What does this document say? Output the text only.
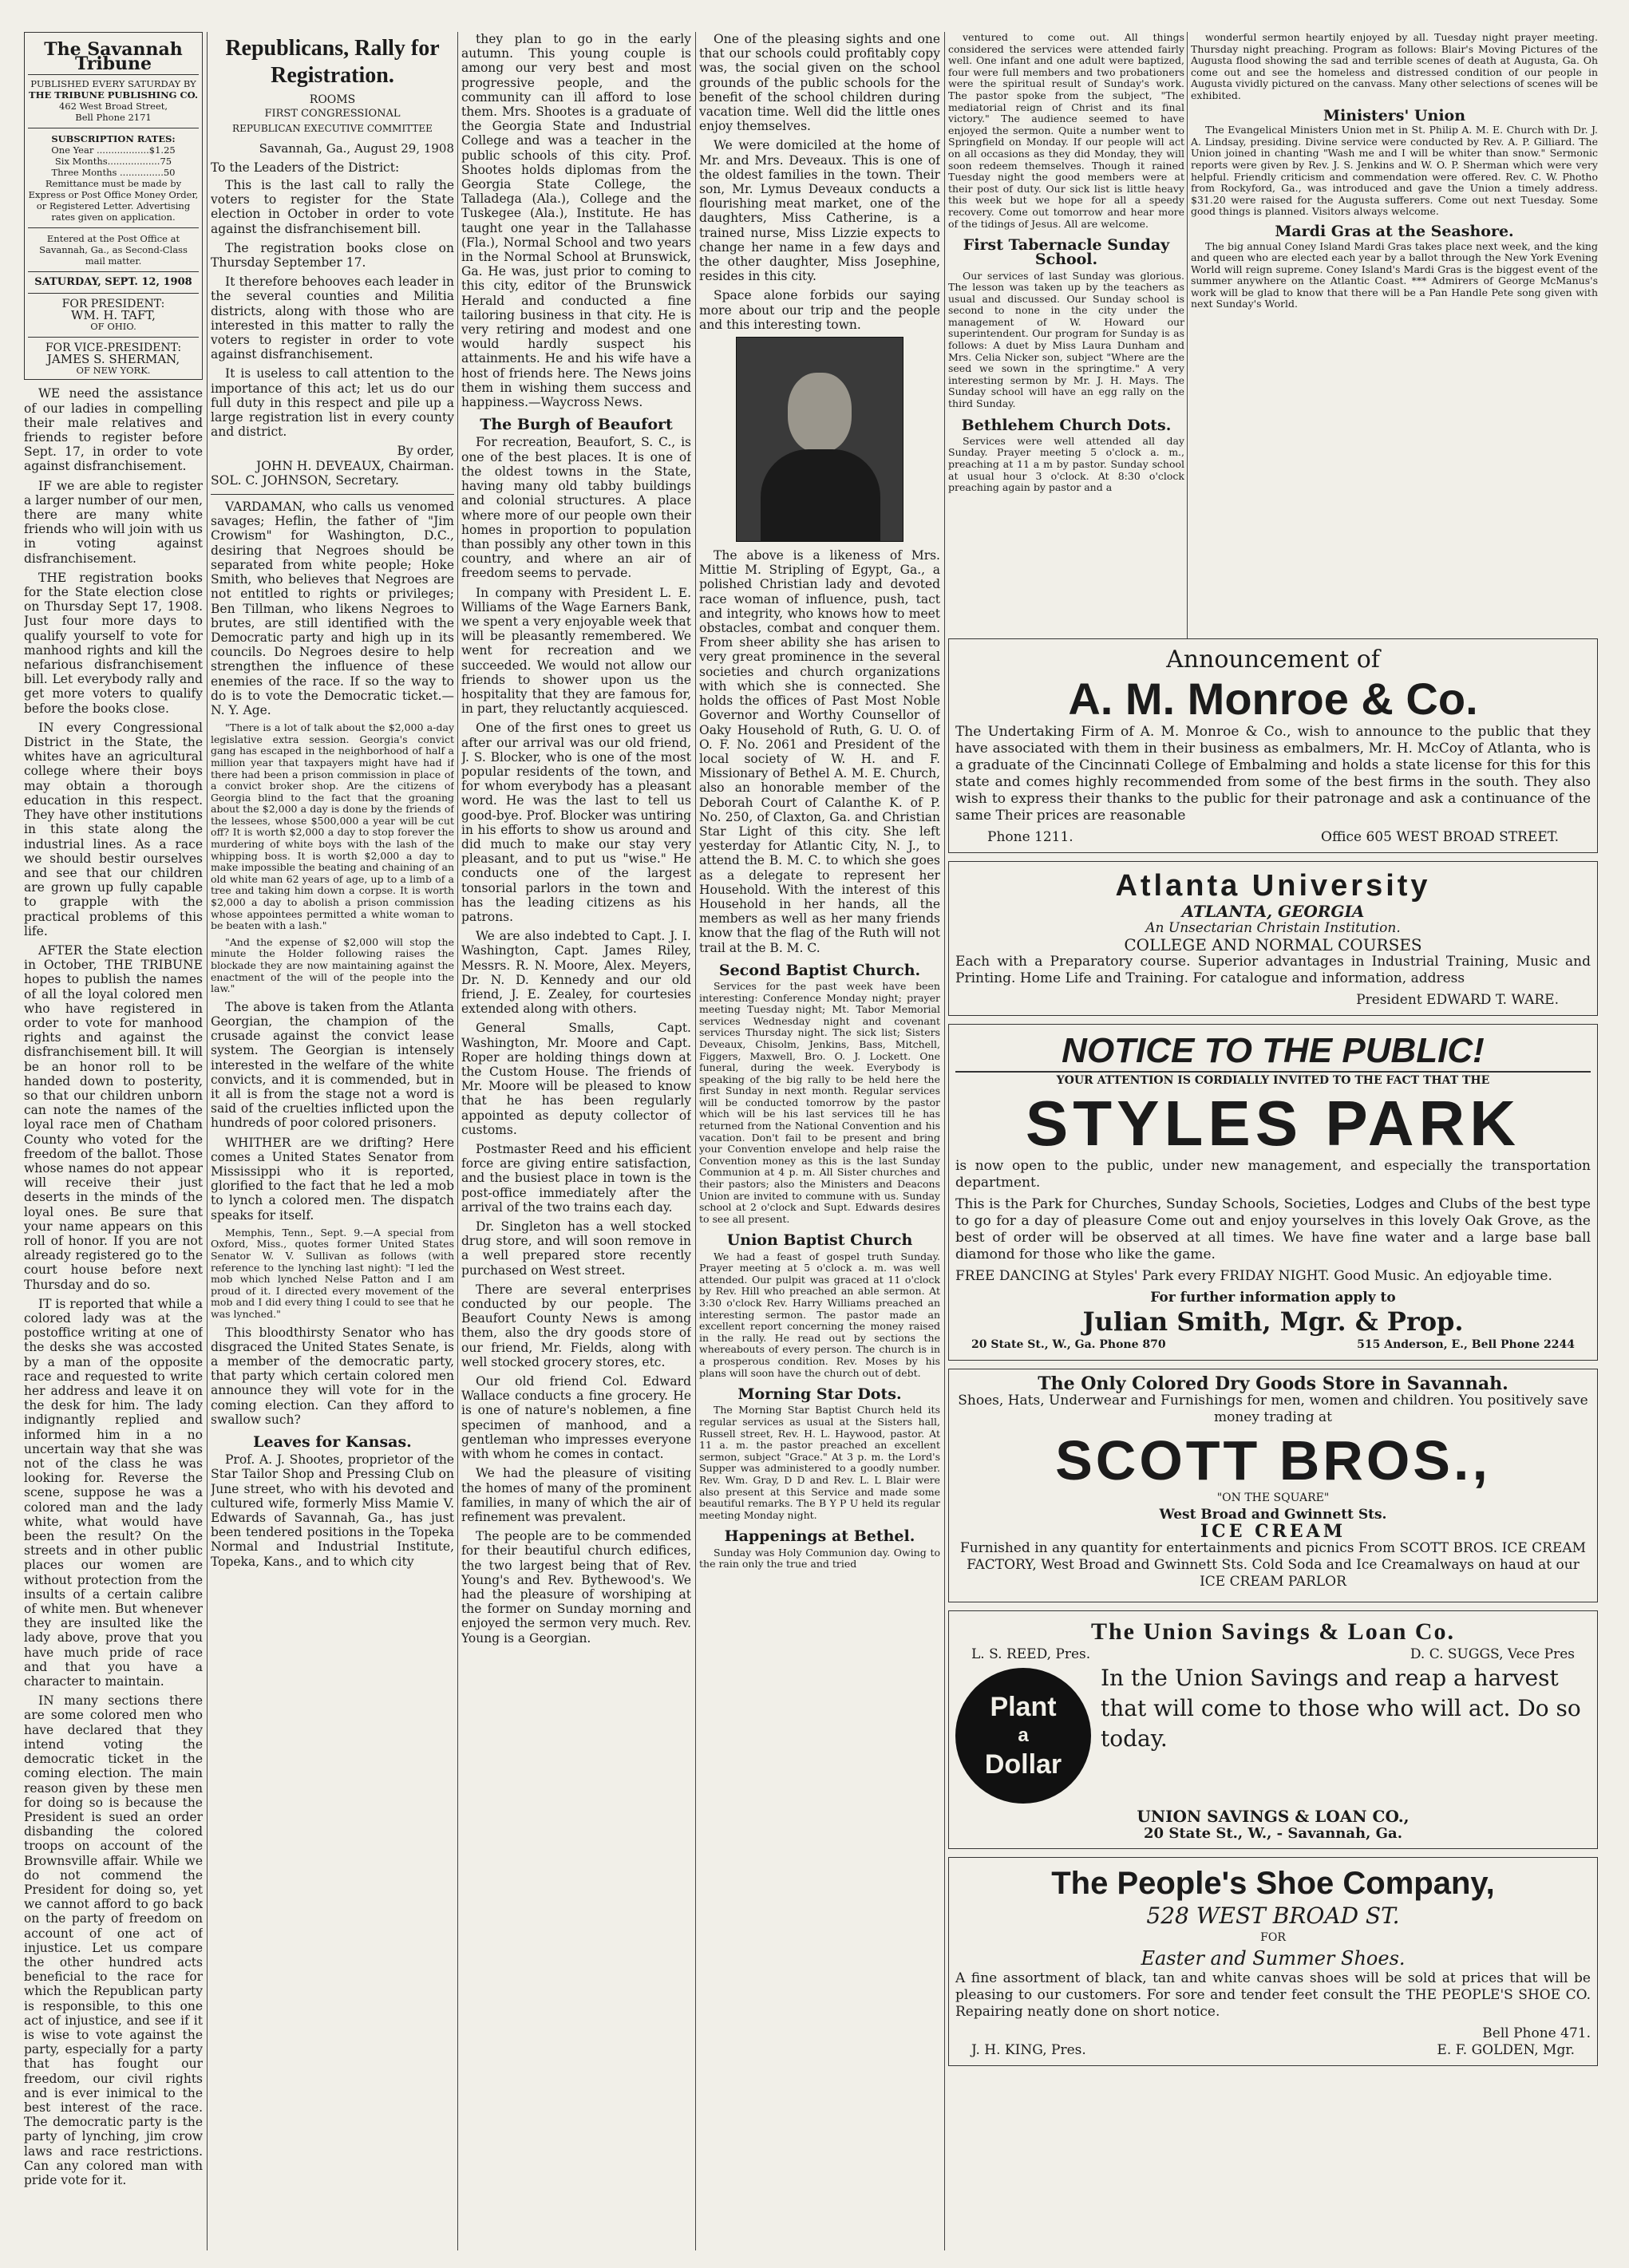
The Savannah Tribune
PUBLISHED EVERY SATURDAY BY
THE TRIBUNE PUBLISHING CO.
462 West Broad Street,
Bell Phone 2171
SUBSCRIPTION RATES:
One Year ..................$1.25
Six Months..................75
Three Months ...............50
Remittance must be made by Express or Post Office Money Order, or Registered Letter. Advertising rates given on application.
Entered at the Post Office at Savannah, Ga., as Second-Class mail matter.
SATURDAY, SEPT. 12, 1908
FOR PRESIDENT:
WM. H. TAFT,
OF OHIO.
FOR VICE-PRESIDENT:
JAMES S. SHERMAN,
OF NEW YORK.

WE need the assistance of our ladies in compelling their male relatives and friends to register before Sept. 17, in order to vote against disfranchisement.

IF we are able to register a larger number of our men, there are many white friends who will join with us in voting against disfranchisement.

THE registration books for the State election close on Thursday Sept 17, 1908. Just four more days to qualify yourself to vote for manhood rights and kill the nefarious disfranchisement bill. Let everybody rally and get more voters to qualify before the books close.

IN every Congressional District in the State, the whites have an agricultural college where their boys may obtain a thorough education in this respect. They have other institutions in this state along the industrial lines. As a race we should bestir ourselves and see that our children are grown up fully capable to grapple with the practical problems of this life.

AFTER the State election in October, THE TRIBUNE hopes to publish the names of all the loyal colored men who have registered in order to vote for manhood rights and against the disfranchisement bill. It will be an honor roll to be handed down to posterity, so that our children unborn can note the names of the loyal race men of Chatham County who voted for the freedom of the ballot. Those whose names do not appear will receive their just deserts in the minds of the loyal ones. Be sure that your name appears on this roll of honor. If you are not already registered go to the court house before next Thursday and do so.

IT is reported that while a colored lady was at the postoffice writing at one of the desks she was accosted by a man of the opposite race and requested to write her address and leave it on the desk for him. The lady indignantly replied and informed him in a no uncertain way that she was not of the class he was looking for. Reverse the scene, suppose he was a colored man and the lady white, what would have been the result? On the streets and in other public places our women are without protection from the insults of a certain calibre of white men. But whenever they are insulted like the lady above, prove that you have much pride of race and that you have a character to maintain.

IN many sections there are some colored men who have declared that they intend voting the democratic ticket in the coming election. The main reason given by these men for doing so is because the President is sued an order disbanding the colored troops on account of the Brownsville affair. While we do not commend the President for doing so, yet we cannot afford to go back on the party of freedom on account of one act of injustice. Let us compare the other hundred acts beneficial to the race for which the Republican party is responsible, to this one act of injustice, and see if it is wise to vote against the party, especially for a party that has fought our freedom, our civil rights and is ever inimical to the best interest of the race. The democratic party is the party of lynching, jim crow laws and race restrictions. Can any colored man with pride vote for it.

Republicans, Rally for Registration.
ROOMS
FIRST CONGRESSIONAL
REPUBLICAN EXECUTIVE COMMITTEE
Savannah, Ga., August 29, 1908
To the Leaders of the District:

This is the last call to rally the voters to register for the State election in October in order to vote against the disfranchisement bill.

The registration books close on Thursday September 17.

It therefore behooves each leader in the several counties and Militia districts, along with those who are interested in this matter to rally the voters to register in order to vote against disfranchisement.

It is useless to call attention to the importance of this act; let us do our full duty in this respect and pile up a large registration list in every county and district.

By order,
JOHN H. DEVEAUX, Chairman.
SOL. C. JOHNSON, Secretary.

VARDAMAN, who calls us venomed savages; Heflin, the father of "Jim Crowism" for Washington, D.C., desiring that Negroes should be separated from white people; Hoke Smith, who believes that Negroes are not entitled to rights or privileges; Ben Tillman, who likens Negroes to brutes, are still identified with the Democratic party and high up in its councils. Do Negroes desire to help strengthen the influence of these enemies of the race. If so the way to do is to vote the Democratic ticket.—N. Y. Age.

"There is a lot of talk about the $2,000 a-day legislative extra session. Georgia's convict gang has escaped in the neighborhood of half a million year that taxpayers might have had if there had been a prison commission in place of a convict broker shop. Are the citizens of Georgia blind to the fact that the groaning about the $2,000 a day is done by the friends of the lessees, whose $500,000 a year will be cut off? It is worth $2,000 a day to stop forever the murdering of white boys with the lash of the whipping boss. It is worth $2,000 a day to make impossible the beating and chaining of an old white man 62 years of age, up to a limb of a tree and taking him down a corpse. It is worth $2,000 a day to abolish a prison commission whose appointees permitted a white woman to be beaten with a lash."

"And the expense of $2,000 will stop the minute the Holder following raises the blockade they are now maintaining against the enactment of the will of the people into the law."

The above is taken from the Atlanta Georgian, the champion of the crusade against the convict lease system. The Georgian is intensely interested in the welfare of the white convicts, and it is commended, but in it all is from the stage not a word is said of the cruelties inflicted upon the hundreds of poor colored prisoners.

WHITHER are we drifting? Here comes a United States Senator from Mississippi who it is reported, glorified to the fact that he led a mob to lynch a colored men. The dispatch speaks for itself.

Memphis, Tenn., Sept. 9.—A special from Oxford, Miss., quotes former United States Senator W. V. Sullivan as follows (with reference to the lynching last night): "I led the mob which lynched Nelse Patton and I am proud of it. I directed every movement of the mob and I did every thing I could to see that he was lynched."

This bloodthirsty Senator who has disgraced the United States Senate, is a member of the democratic party, that party which certain colored men announce they will vote for in the coming election. Can they afford to swallow such?

Leaves for Kansas.

Prof. A. J. Shootes, proprietor of the Star Tailor Shop and Pressing Club on June street, who with his devoted and cultured wife, formerly Miss Mamie V. Edwards of Savannah, Ga., has just been tendered positions in the Topeka Normal and Industrial Institute, Topeka, Kans., and to which city

they plan to go in the early autumn. This young couple is among our very best and most progressive people, and the community can ill afford to lose them. Mrs. Shootes is a graduate of the Georgia State and Industrial College and was a teacher in the public schools of this city. Prof. Shootes holds diplomas from the Georgia State College, the Talladega (Ala.), College and the Tuskegee (Ala.), Institute. He has taught one year in the Tallahasse (Fla.), Normal School and two years in the Normal School at Brunswick, Ga. He was, just prior to coming to this city, editor of the Brunswick Herald and conducted a fine tailoring business in that city. He is very retiring and modest and one would hardly suspect his attainments. He and his wife have a host of friends here. The News joins them in wishing them success and happiness.—Waycross News.

The Burgh of Beaufort

For recreation, Beaufort, S. C., is one of the best places. It is one of the oldest towns in the State, having many old tabby buildings and colonial structures. A place where more of our people own their homes in proportion to population than possibly any other town in this country, and where an air of freedom seems to pervade.

In company with President L. E. Williams of the Wage Earners Bank, we spent a very enjoyable week that will be pleasantly remembered. We went for recreation and we succeeded. We would not allow our friends to shower upon us the hospitality that they are famous for, in part, they reluctantly acquiesced.

One of the first ones to greet us after our arrival was our old friend, J. S. Blocker, who is one of the most popular residents of the town, and for whom everybody has a pleasant word. He was the last to tell us good-bye. Prof. Blocker was untiring in his efforts to show us around and did much to make our stay very pleasant, and to put us "wise." He conducts one of the largest tonsorial parlors in the town and has the leading citizens as his patrons.

We are also indebted to Capt. J. I. Washington, Capt. James Riley, Messrs. R. N. Moore, Alex. Meyers, Dr. N. D. Kennedy and our old friend, J. E. Zealey, for courtesies extended along with others.

General Smalls, Capt. Washington, Mr. Moore and Capt. Roper are holding things down at the Custom House. The friends of Mr. Moore will be pleased to know that he has been regularly appointed as deputy collector of customs.

Postmaster Reed and his efficient force are giving entire satisfaction, and the busiest place in town is the post-office immediately after the arrival of the two trains each day.

Dr. Singleton has a well stocked drug store, and will soon remove in a well prepared store recently purchased on West street.

There are several enterprises conducted by our people. The Beaufort County News is among them, also the dry goods store of our friend, Mr. Fields, along with well stocked grocery stores, etc.

Our old friend Col. Edward Wallace conducts a fine grocery. He is one of nature's noblemen, a fine specimen of manhood, and a gentleman who impresses everyone with whom he comes in contact.

We had the pleasure of visiting the homes of many of the prominent families, in many of which the air of refinement was prevalent.

The people are to be commended for their beautiful church edifices, the two largest being that of Rev. Young's and Rev. Bythewood's. We had the pleasure of worshiping at the former on Sunday morning and enjoyed the sermon very much. Rev. Young is a Georgian.

One of the pleasing sights and one that our schools could profitably copy was, the social given on the school grounds of the public schools for the benefit of the school children during vacation time. Well did the little ones enjoy themselves.

We were domiciled at the home of Mr. and Mrs. Deveaux. This is one of the oldest families in the town. Their son, Mr. Lymus Deveaux conducts a flourishing meat market, one of the daughters, Miss Catherine, is a trained nurse, Miss Lizzie expects to change her name in a few days and the other daughter, Miss Josephine, resides in this city.

Space alone forbids our saying more about our trip and the people and this interesting town.

The above is a likeness of Mrs. Mittie M. Stripling of Egypt, Ga., a polished Christian lady and devoted race woman of influence, push, tact and integrity, who knows how to meet obstacles, combat and conquer them. From sheer ability she has arisen to very great prominence in the several societies and church organizations with which she is connected. She holds the offices of Past Most Noble Governor and Worthy Counsellor of Oaky Household of Ruth, G. U. O. of O. F. No. 2061 and President of the local society of W. H. and F. Missionary of Bethel A. M. E. Church, also an honorable member of the Deborah Court of Calanthe K. of P. No. 250, of Claxton, Ga. and Christian Star Light of this city. She left yesterday for Atlantic City, N. J., to attend the B. M. C. to which she goes as a delegate to represent her Household. With the interest of this Household in her hands, all the members as well as her many friends know that the flag of the Ruth will not trail at the B. M. C.

Second Baptist Church.

Services for the past week have been interesting: Conference Monday night; prayer meeting Tuesday night; Mt. Tabor Memorial services Wednesday night and covenant services Thursday night. The sick list; Sisters Deveaux, Chisolm, Jenkins, Bass, Mitchell, Figgers, Maxwell, Bro. O. J. Lockett. One funeral, during the week. Everybody is speaking of the big rally to be held here the first Sunday in next month. Regular services will be conducted tomorrow by the pastor which will be his last services till he has returned from the National Convention and his vacation. Don't fail to be present and bring your Convention envelope and help raise the Convention money as this is the last Sunday Communion at 4 p. m. All Sister churches and their pastors; also the Ministers and Deacons Union are invited to commune with us. Sunday school at 2 o'clock and Supt. Edwards desires to see all present.

Union Baptist Church

We had a feast of gospel truth Sunday. Prayer meeting at 5 o'clock a. m. was well attended. Our pulpit was graced at 11 o'clock by Rev. Hill who preached an able sermon. At 3:30 o'clock Rev. Harry Williams preached an interesting sermon. The pastor made an excellent report concerning the money raised in the rally. He read out by sections the whereabouts of every person. The church is in a prosperous condition. Rev. Moses by his plans will soon have the church out of debt.

Morning Star Dots.

The Morning Star Baptist Church held its regular services as usual at the Sisters hall, Russell street, Rev. H. L. Haywood, pastor. At 11 a. m. the pastor preached an excellent sermon, subject "Grace." At 3 p. m. the Lord's Supper was administered to a goodly number. Rev. Wm. Gray, D D and Rev. L. L Blair were also present at this Service and made some beautiful remarks. The B Y P U held its regular meeting Monday night.

Happenings at Bethel.

Sunday was Holy Communion day. Owing to the rain only the true and tried

ventured to come out. All things considered the services were attended fairly well. One infant and one adult were baptized, four were full members and two probationers were the spiritual result of Sunday's work. The pastor spoke from the subject, "The mediatorial reign of Christ and its final victory." The audience seemed to have enjoyed the sermon. Quite a number went to Springfield on Monday. If our people will act on all occasions as they did Monday, they will soon redeem themselves. Though it rained Tuesday night the good members were at their post of duty. Our sick list is little heavy this week but we hope for all a speedy recovery. Come out tomorrow and hear more of the tidings of Jesus. All are welcome.

First Tabernacle Sunday School.

Our services of last Sunday was glorious. The lesson was taken up by the teachers as usual and discussed. Our Sunday school is second to none in the city under the management of W. Howard our superintendent. Our program for Sunday is as follows: A duet by Miss Laura Dunham and Mrs. Celia Nicker son, subject "Where are the seed we sown in the springtime." A very interesting sermon by Mr. J. H. Mays. The Sunday school will have an egg rally on the third Sunday.

Bethlehem Church Dots.

Services were well attended all day Sunday. Prayer meeting 5 o'clock a. m., preaching at 11 a m by pastor. Sunday school at usual hour 3 o'clock. At 8:30 o'clock preaching again by pastor and a

wonderful sermon heartily enjoyed by all. Tuesday night prayer meeting. Thursday night preaching. Program as follows: Blair's Moving Pictures of the Augusta flood showing the sad and terrible scenes of death at Augusta, Ga. Oh come out and see the homeless and distressed condition of our people in Augusta vividly pictured on the canvass. Many other selections of scenes will be exhibited.

Ministers' Union

The Evangelical Ministers Union met in St. Philip A. M. E. Church with Dr. J. A. Lindsay, presiding. Divine service were conducted by Rev. A. P. Gilliard. The Union joined in chanting "Wash me and I will be whiter than snow." Sermonic reports were given by Rev. J. S. Jenkins and W. O. P. Sherman which were very helpful. Friendly criticism and commendation were offered. Rev. C. W. Photho from Rockyford, Ga., was introduced and gave the Union a timely address. $31.20 were raised for the Augusta sufferers. Come out next Tuesday. Some good things is planned. Visitors always welcome.

Mardi Gras at the Seashore.

The big annual Coney Island Mardi Gras takes place next week, and the king and queen who are elected each year by a ballot through the New York Evening World will reign supreme. Coney Island's Mardi Gras is the biggest event of the summer anywhere on the Atlantic Coast. *** Admirers of George McManus's work will be glad to know that there will be a Pan Handle Pete song given with next Sunday's World.

Announcement of
A. M. Monroe & Co.

The Undertaking Firm of A. M. Monroe & Co., wish to announce to the public that they have associated with them in their business as embalmers, Mr. H. McCoy of Atlanta, who is a graduate of the Cincinnati College of Embalming and holds a state license for this for this state and comes highly recommended from some of the best firms in the south. They also wish to express their thanks to the public for their patronage and ask a continuance of the same Their prices are reasonable

Phone 1211.	Office 605 WEST BROAD STREET.
Atlanta University
ATLANTA, GEORGIA
An Unsectarian Christain Institution.
COLLEGE AND NORMAL COURSES

Each with a Preparatory course. Superior advantages in Industrial Training, Music and Printing. Home Life and Training. For catalogue and information, address

President EDWARD T. WARE.
NOTICE TO THE PUBLIC!
YOUR ATTENTION IS CORDIALLY INVITED TO THE FACT THAT THE
STYLES PARK

is now open to the public, under new management, and especially the transportation department.

This is the Park for Churches, Sunday Schools, Societies, Lodges and Clubs of the best type to go for a day of pleasure Come out and enjoy yourselves in this lovely Oak Grove, as the best of order will be observed at all times. We have fine water and a large base ball diamond for those who like the game.

FREE DANCING at Styles' Park every FRIDAY NIGHT. Good Music. An edjoyable time.

For further information apply to
Julian Smith, Mgr. & Prop.
20 State St., W., Ga. Phone 870	515 Anderson, E., Bell Phone 2244
The Only Colored Dry Goods Store in Savannah.

Shoes, Hats, Underwear and Furnishings for men, women and children. You positively save money trading at

SCOTT BROS.,
"ON THE SQUARE"
West Broad and Gwinnett Sts.
ICE CREAM

Furnished in any quantity for entertainments and picnics From SCOTT BROS. ICE CREAM FACTORY, West Broad and Gwinnett Sts. Cold Soda and Ice Creamalways on haud at our ICE CREAM PARLOR

The Union Savings & Loan Co.
L. S. REED, Pres.	D. C. SUGGS, Vece Pres
Plant
a
Dollar
In the Union Savings and reap a harvest that will come to those who will act. Do so today.
UNION SAVINGS & LOAN CO.,
20 State St., W., - Savannah, Ga.
The People's Shoe Company,
528 WEST BROAD ST.
FOR
Easter and Summer Shoes.

A fine assortment of black, tan and white canvas shoes will be sold at prices that will be pleasing to our customers. For sore and tender feet consult the THE PEOPLE'S SHOE CO. Repairing neatly done on short notice.

Bell Phone 471.
J. H. KING, Pres.	E. F. GOLDEN, Mgr.
